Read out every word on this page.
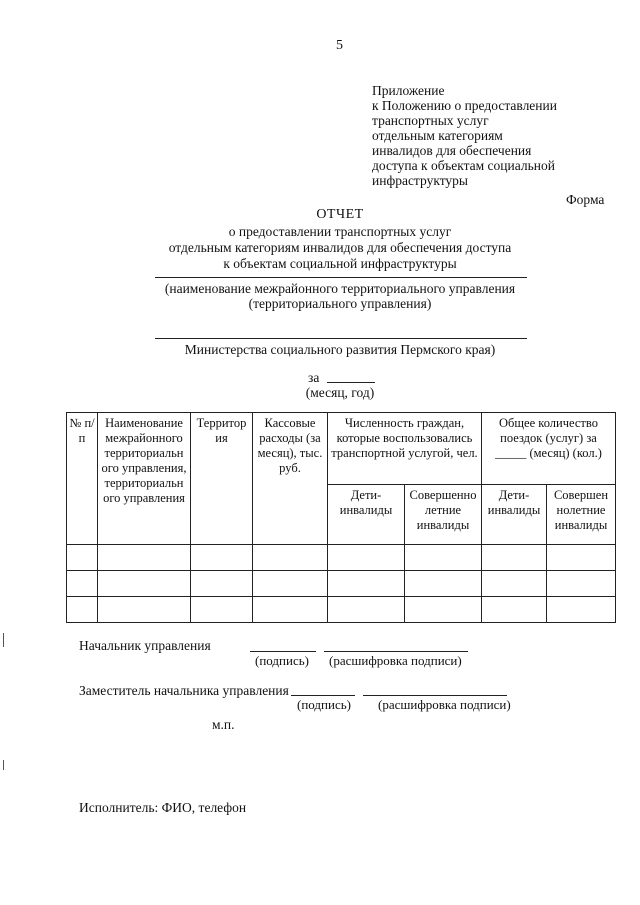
5
Приложение
к Положению о предоставлении
транспортных услуг
отдельным категориям
инвалидов для обеспечения
доступа к объектам социальной
инфраструктуры
Форма
ОТЧЕТ
о предоставлении транспортных услуг
отдельным категориям инвалидов для обеспечения доступа
к объектам социальной инфраструктуры
(наименование межрайонного территориального управления
(территориального управления)
Министерства социального развития Пермского края)
за
(месяц, год)
№ п/п	Наименование межрайонного территориальн ого управления, территориальн ого управления	Территор ия	Кассовые расходы (за месяц), тыс. руб.	Численность граждан, которые воспользовались транспортной услугой, чел.		Общее количество поездок (услуг) за _____ (месяц) (кол.)	
				Дети-инвалиды	Совершенно летние инвалиды	Дети-инвалиды	Совершен нолетние инвалиды

Начальник управления
(подпись) (расшифровка подписи)
Заместитель начальника управления
(подпись) (расшифровка подписи)
м.п.
Исполнитель: ФИО, телефон
